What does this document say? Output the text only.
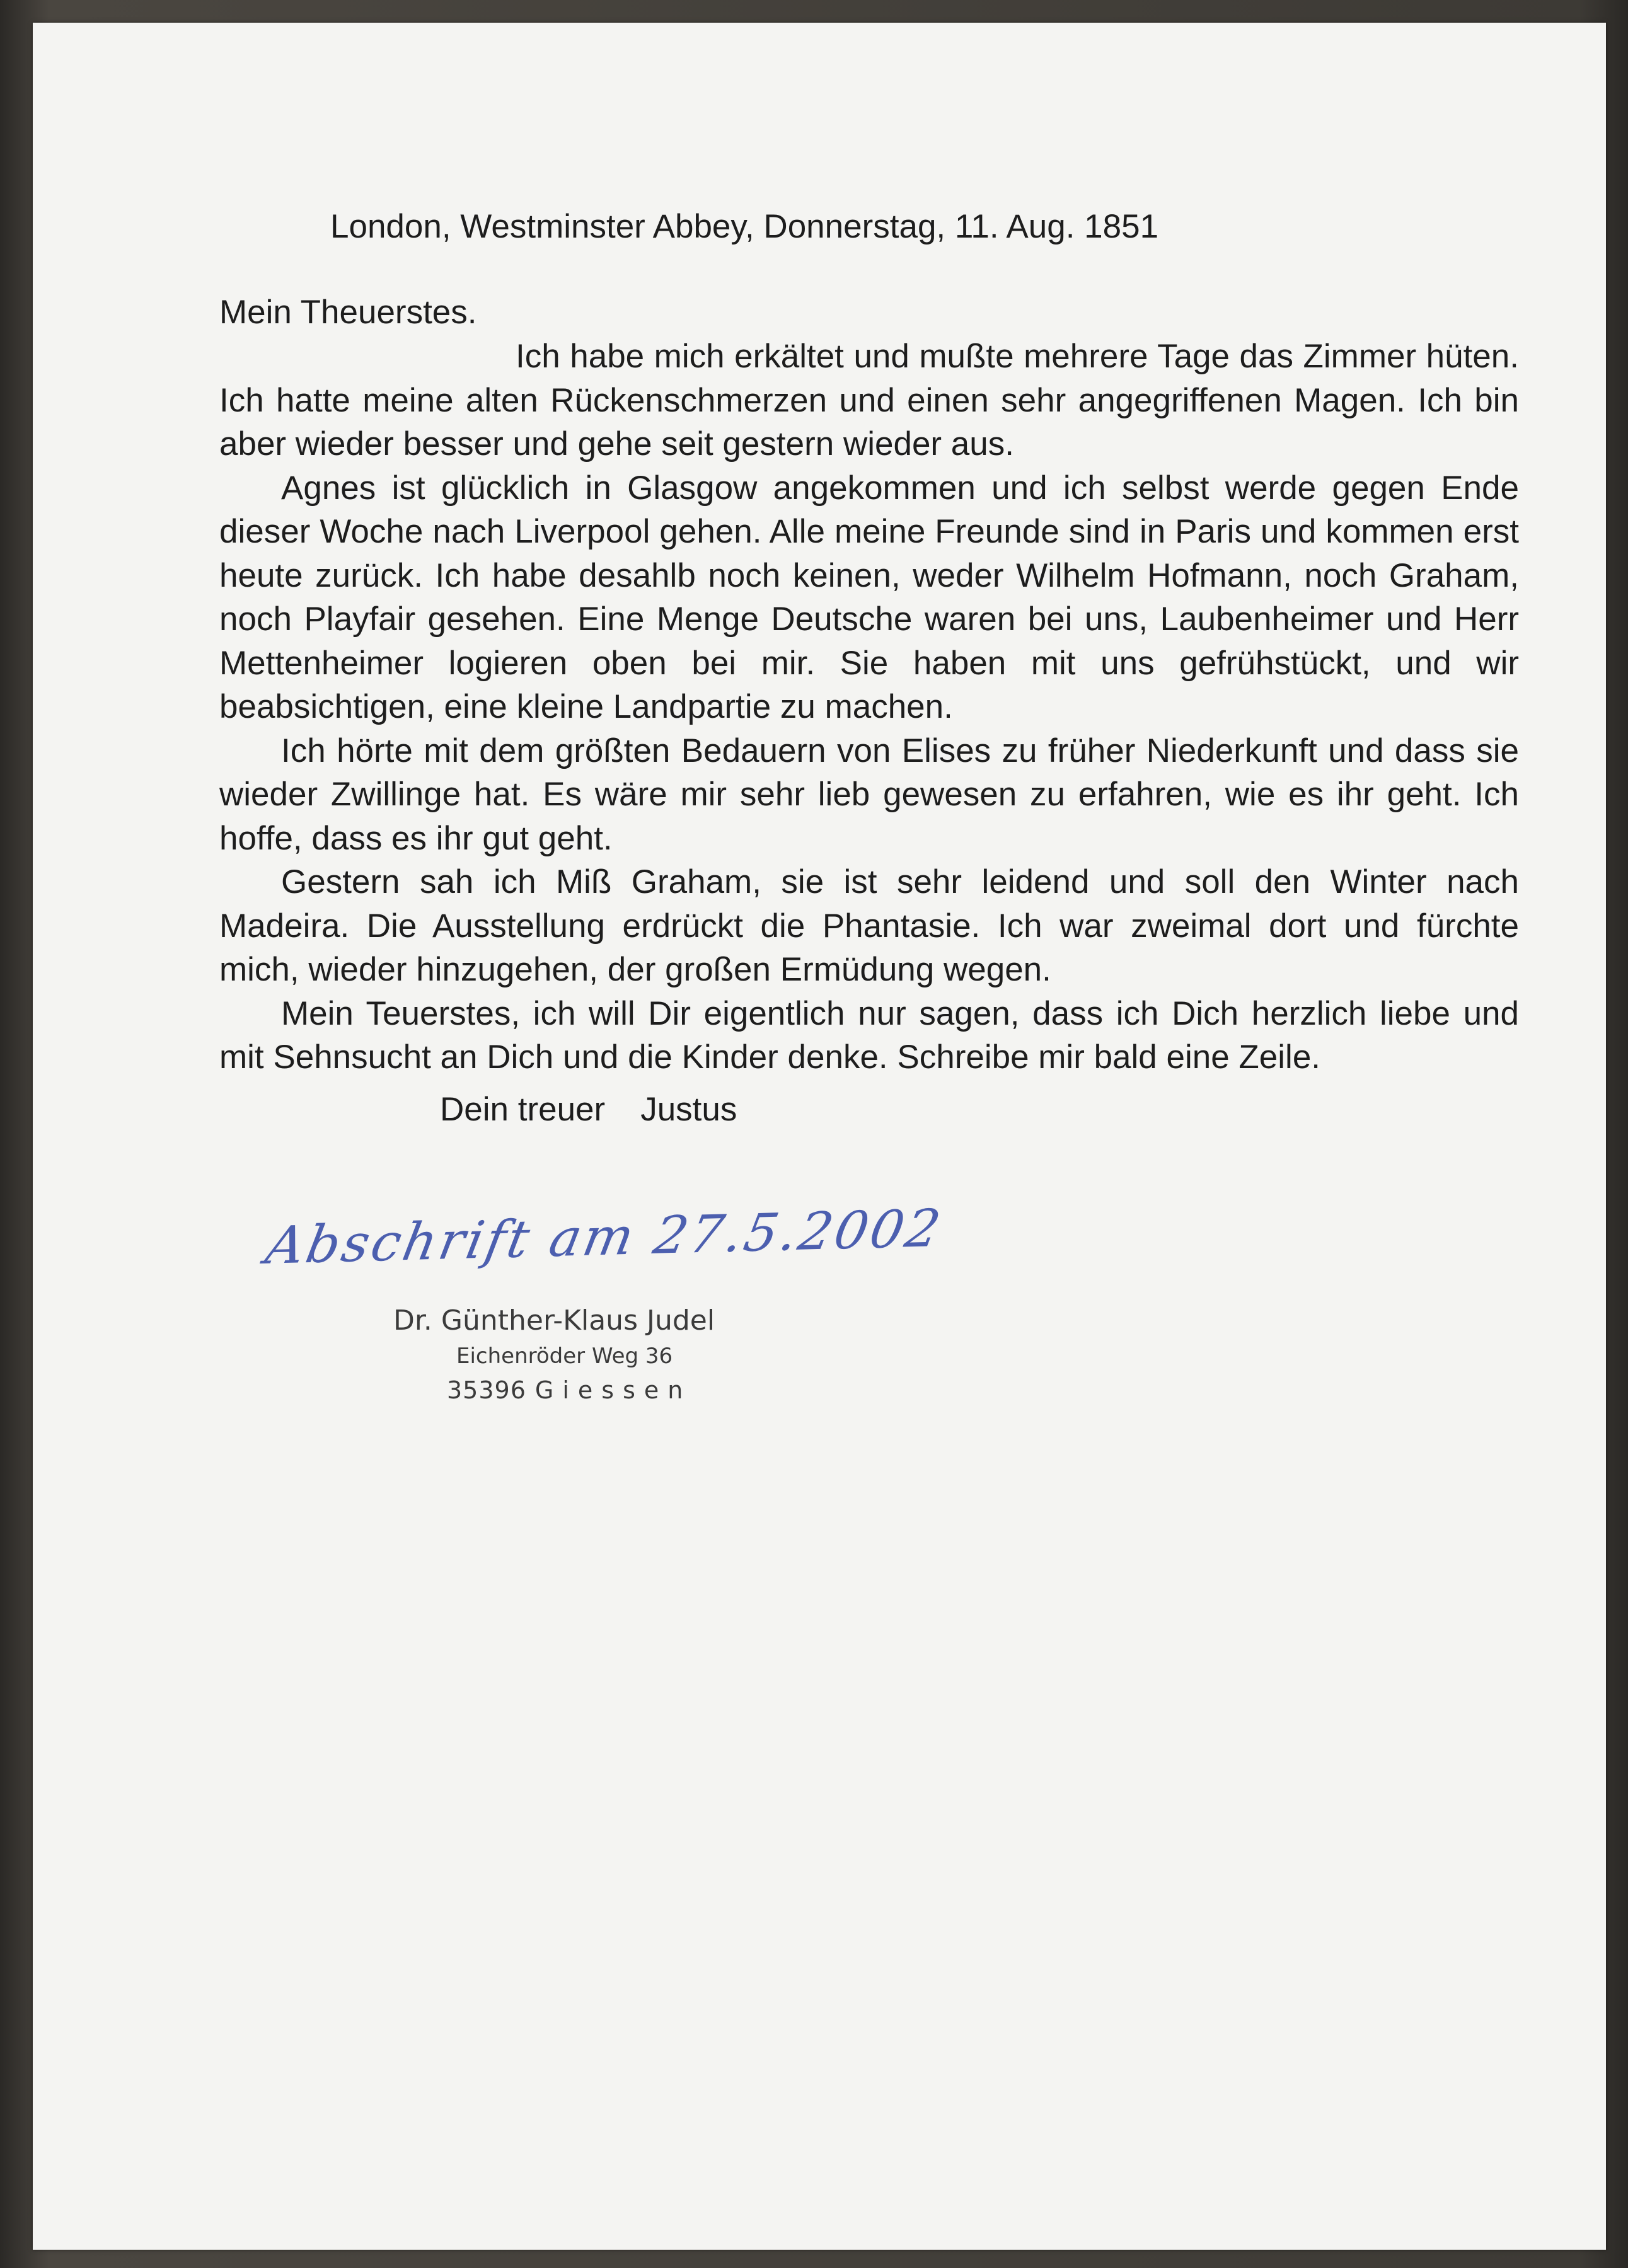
London, Westminster Abbey, Donnerstag, 11. Aug. 1851
Mein Theuerstes.

Ich habe mich erkältet und mußte mehrere Tage das Zimmer hüten. Ich hatte meine alten Rückenschmerzen und einen sehr angegriffenen Magen. Ich bin aber wieder besser und gehe seit gestern wieder aus.

Agnes ist glücklich in Glasgow angekommen und ich selbst werde gegen Ende dieser Woche nach Liverpool gehen. Alle meine Freunde sind in Paris und kommen erst heute zurück. Ich habe desahlb noch keinen, weder Wilhelm Hofmann, noch Graham, noch Playfair gesehen. Eine Menge Deutsche waren bei uns, Laubenheimer und Herr Mettenheimer logieren oben bei mir. Sie haben mit uns gefrühstückt, und wir beabsichtigen, eine kleine Landpartie zu machen.

Ich hörte mit dem größten Bedauern von Elises zu früher Niederkunft und dass sie wieder Zwillinge hat. Es wäre mir sehr lieb gewesen zu erfahren, wie es ihr geht. Ich hoffe, dass es ihr gut geht.

Gestern sah ich Miß Graham, sie ist sehr leidend und soll den Winter nach Madeira. Die Ausstellung erdrückt die Phantasie. Ich war zweimal dort und fürchte mich, wieder hinzugehen, der großen Ermüdung wegen.

Mein Teuerstes, ich will Dir eigentlich nur sagen, dass ich Dich herzlich liebe und mit Sehnsucht an Dich und die Kinder denke. Schreibe mir bald eine Zeile.

Dein treuer Justus
Abschrift am 27.5.2002
Dr. Günther-Klaus Judel
Eichenröder Weg 36
35396 Giessen
